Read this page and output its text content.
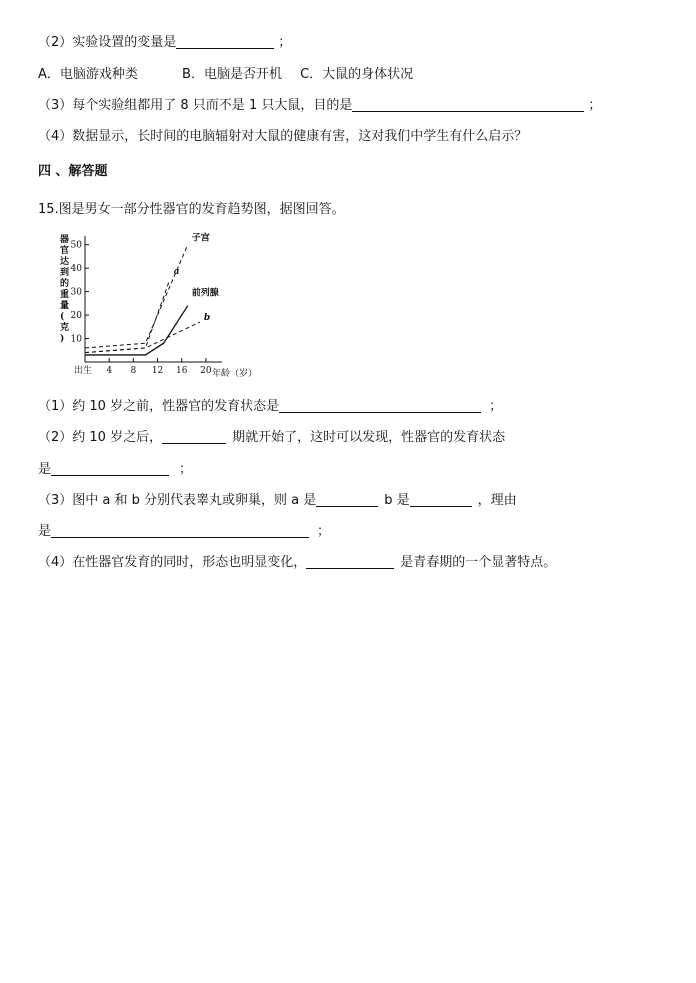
（2）实验设置的变量是	；
A．电脑游戏种类	B．电脑是否开机 C．大鼠的身体状况
（3）每个实验组都用了 8 只而不是 1 只大鼠，目的是	；
（4）数据显示，长时间的电脑辐射对大鼠的健康有害，这对我们中学生有什么启示？
四 、解答题
15.图是男女一部分性器官的发育趋势图，据图回答。
器
官
达
到
的
重
量
(
克
) 10
20
30
40
50
出生 4 8 12 16 20
子宫
a
前列腺
b
年龄（岁）
（1）约 10 岁之前，性器官的发育状态是	；
（2）约 10 岁之后，	期就开始了，这时可以发现，性器官的发育状态
是	；
（3）图中 a 和 b 分别代表睾丸或卵巢，则 a 是	b 是	，理由
是	；
（4）在性器官发育的同时，形态也明显变化，	是青春期的一个显著特点。
